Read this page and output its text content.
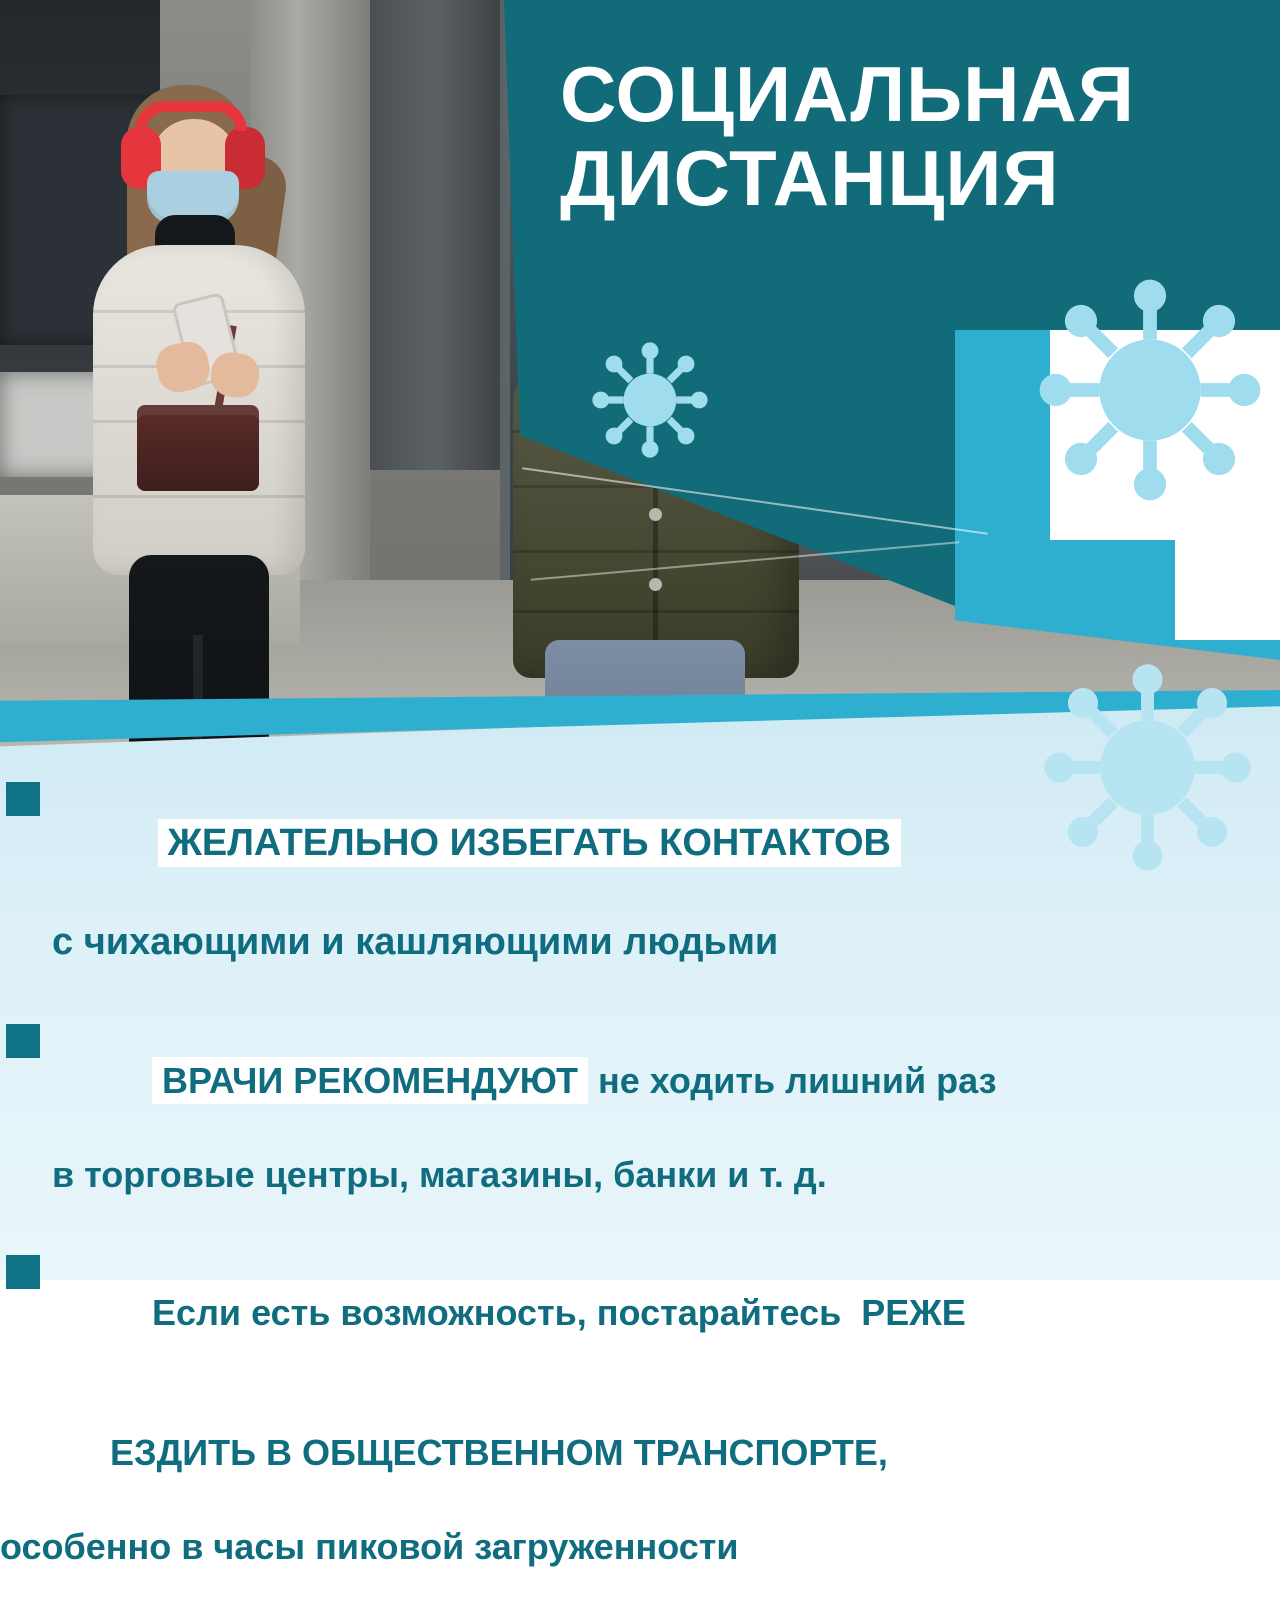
СОЦИАЛЬНАЯ
ДИСТАНЦИЯ

ЖЕЛАТЕЛЬНО ИЗБЕГАТЬ КОНТАКТОВ

с чихающими и кашляющими людьми

ВРАЧИ РЕКОМЕНДУЮТ не ходить лишний раз

в торговые центры, магазины, банки и т. д.

Если есть возможность, постарайтесь РЕЖЕ

ЕЗДИТЬ В ОБЩЕСТВЕННОМ ТРАНСПОРТЕ,

особенно в часы пиковой загруженности
